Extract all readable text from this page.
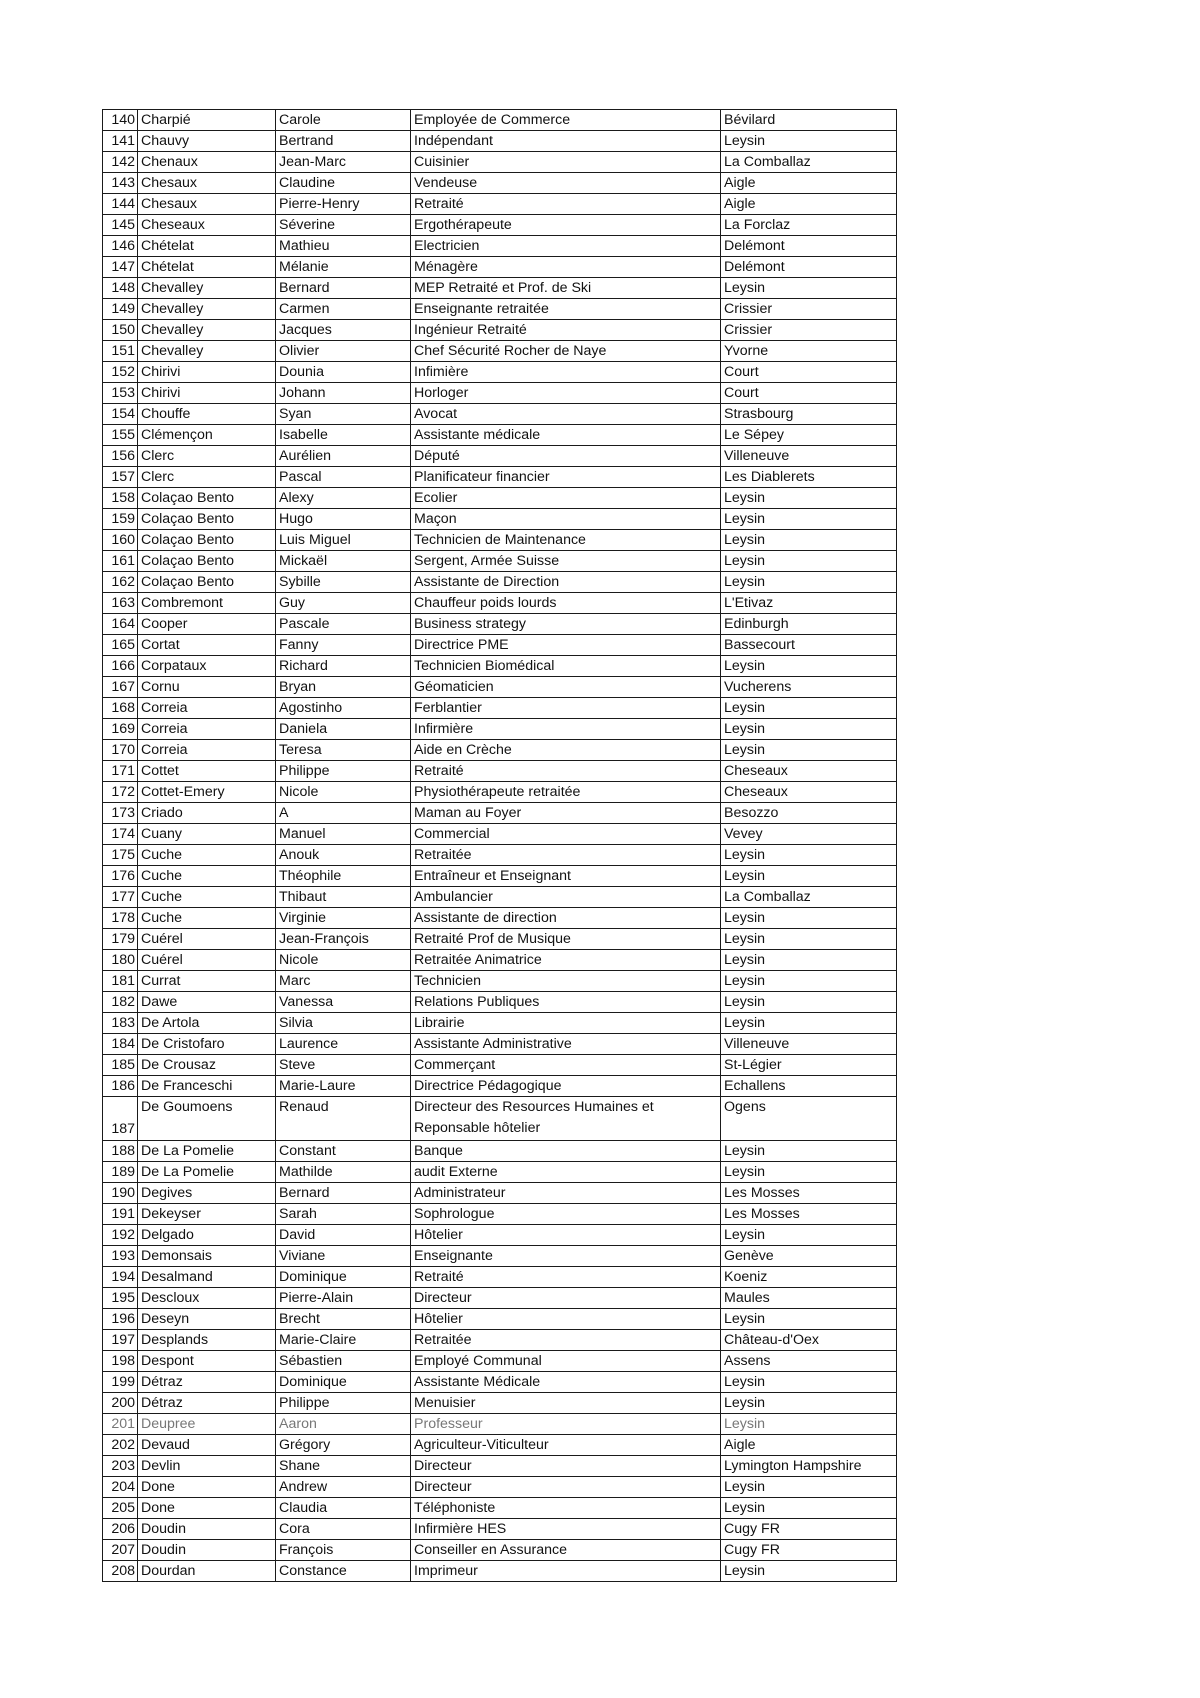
140	Charpié	Carole	Employée de Commerce	Bévilard
141	Chauvy	Bertrand	Indépendant	Leysin
142	Chenaux	Jean-Marc	Cuisinier	La Comballaz
143	Chesaux	Claudine	Vendeuse	Aigle
144	Chesaux	Pierre-Henry	Retraité	Aigle
145	Cheseaux	Séverine	Ergothérapeute	La Forclaz
146	Chételat	Mathieu	Electricien	Delémont
147	Chételat	Mélanie	Ménagère	Delémont
148	Chevalley	Bernard	MEP Retraité et Prof. de Ski	Leysin
149	Chevalley	Carmen	Enseignante retraitée	Crissier
150	Chevalley	Jacques	Ingénieur Retraité	Crissier
151	Chevalley	Olivier	Chef Sécurité Rocher de Naye	Yvorne
152	Chirivi	Dounia	Infimière	Court
153	Chirivi	Johann	Horloger	Court
154	Chouffe	Syan	Avocat	Strasbourg
155	Clémençon	Isabelle	Assistante médicale	Le Sépey
156	Clerc	Aurélien	Député	Villeneuve
157	Clerc	Pascal	Planificateur financier	Les Diablerets
158	Colaçao Bento	Alexy	Ecolier	Leysin
159	Colaçao Bento	Hugo	Maçon	Leysin
160	Colaçao Bento	Luis Miguel	Technicien de Maintenance	Leysin
161	Colaçao Bento	Mickaël	Sergent, Armée Suisse	Leysin
162	Colaçao Bento	Sybille	Assistante de Direction	Leysin
163	Combremont	Guy	Chauffeur poids lourds	L'Etivaz
164	Cooper	Pascale	Business strategy	Edinburgh
165	Cortat	Fanny	Directrice PME	Bassecourt
166	Corpataux	Richard	Technicien Biomédical	Leysin
167	Cornu	Bryan	Géomaticien	Vucherens
168	Correia	Agostinho	Ferblantier	Leysin
169	Correia	Daniela	Infirmière	Leysin
170	Correia	Teresa	Aide en Crèche	Leysin
171	Cottet	Philippe	Retraité	Cheseaux
172	Cottet-Emery	Nicole	Physiothérapeute retraitée	Cheseaux
173	Criado	A	Maman au Foyer	Besozzo
174	Cuany	Manuel	Commercial	Vevey
175	Cuche	Anouk	Retraitée	Leysin
176	Cuche	Théophile	Entraîneur et Enseignant	Leysin
177	Cuche	Thibaut	Ambulancier	La Comballaz
178	Cuche	Virginie	Assistante de direction	Leysin
179	Cuérel	Jean-François	Retraité Prof de Musique	Leysin
180	Cuérel	Nicole	Retraitée Animatrice	Leysin
181	Currat	Marc	Technicien	Leysin
182	Dawe	Vanessa	Relations Publiques	Leysin
183	De Artola	Silvia	Librairie	Leysin
184	De Cristofaro	Laurence	Assistante Administrative	Villeneuve
185	De Crousaz	Steve	Commerçant	St-Légier
186	De Franceschi	Marie-Laure	Directrice Pédagogique	Echallens
187	De Goumoens	Renaud	Directeur des Resources Humaines et Reponsable hôtelier	Ogens
188	De La Pomelie	Constant	Banque	Leysin
189	De La Pomelie	Mathilde	audit Externe	Leysin
190	Degives	Bernard	Administrateur	Les Mosses
191	Dekeyser	Sarah	Sophrologue	Les Mosses
192	Delgado	David	Hôtelier	Leysin
193	Demonsais	Viviane	Enseignante	Genève
194	Desalmand	Dominique	Retraité	Koeniz
195	Descloux	Pierre-Alain	Directeur	Maules
196	Deseyn	Brecht	Hôtelier	Leysin
197	Desplands	Marie-Claire	Retraitée	Château-d'Oex
198	Despont	Sébastien	Employé Communal	Assens
199	Détraz	Dominique	Assistante Médicale	Leysin
200	Détraz	Philippe	Menuisier	Leysin
201	Deupree	Aaron	Professeur	Leysin
202	Devaud	Grégory	Agriculteur-Viticulteur	Aigle
203	Devlin	Shane	Directeur	Lymington Hampshire
204	Done	Andrew	Directeur	Leysin
205	Done	Claudia	Téléphoniste	Leysin
206	Doudin	Cora	Infirmière HES	Cugy FR
207	Doudin	François	Conseiller en Assurance	Cugy FR
208	Dourdan	Constance	Imprimeur	Leysin
